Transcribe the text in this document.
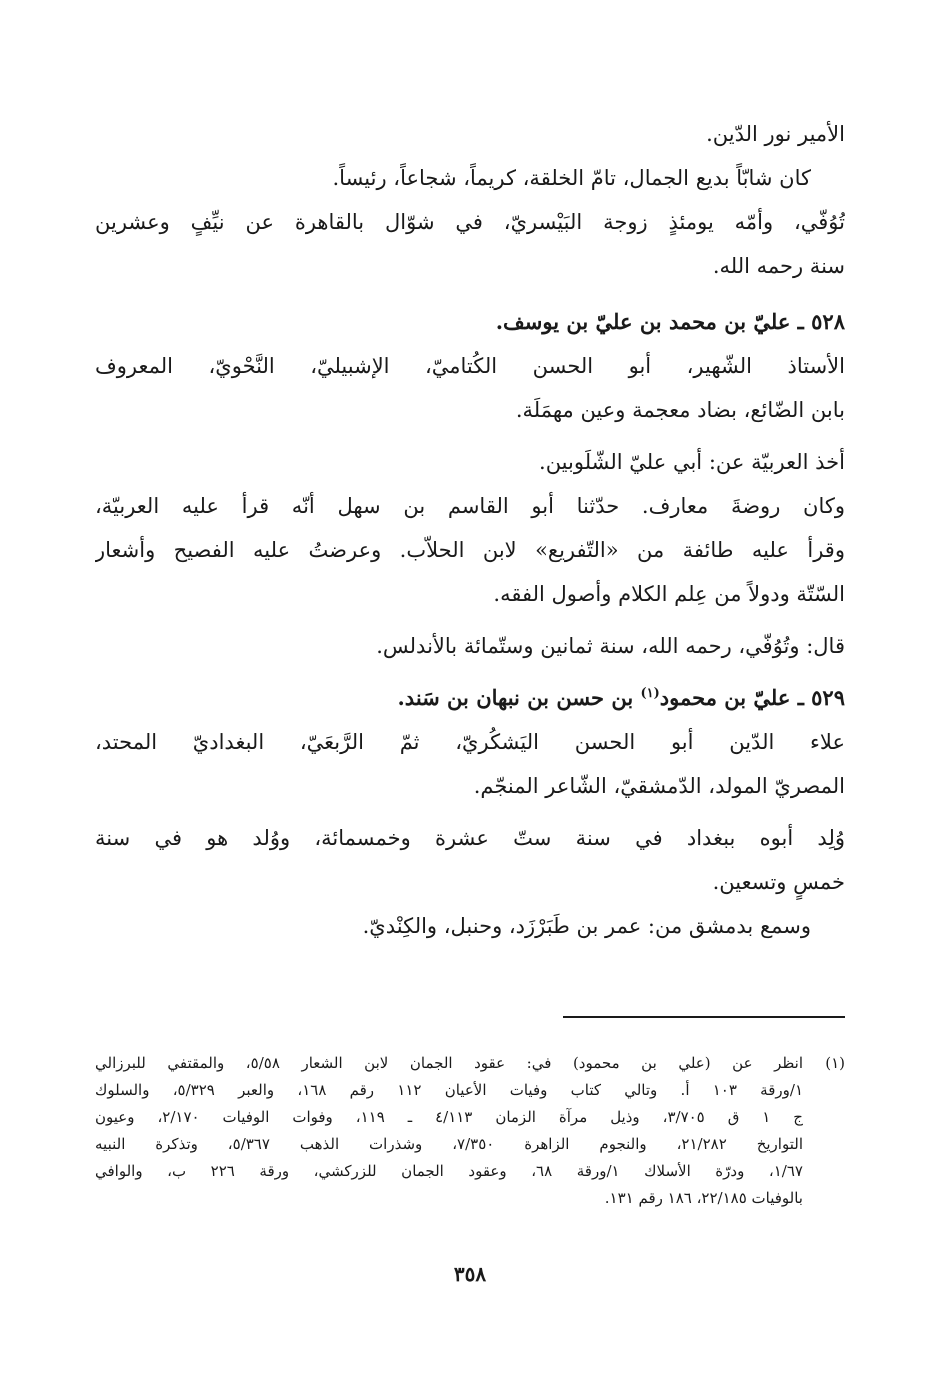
الأمير نور الدّين.
كان شابّاً بديع الجمال، تامّ الخلقة، كريماً، شجاعاً، رئيساً.
تُوُفّي، وأمّه يومئذٍ زوجة البَيْسريّ، في شوّال بالقاهرة عن نيِّفٍ وعشرين
سنة رحمه الله.
٥٢٨ ـ عليّ بن محمد بن عليّ بن يوسف.
الأستاذ الشّهير، أبو الحسن الكُتاميّ، الإشبيليّ، النَّحْويّ، المعروف
بابن الضّائع، بضاد معجمة وعين مهمَلَة.
أخذ العربيّة عن: أبي عليّ الشّلَوبين.
وكان روضةَ معارف. حدّثنا أبو القاسم بن سهل أنّه قرأ عليه العربيّة،
وقرأ عليه طائفة من «التّفريع» لابن الحلاّب. وعرضتُ عليه الفصيح وأشعار
السّتّة ودولاً من عِلم الكلام وأصول الفقه.
قال: وتُوُفّي، رحمه الله، سنة ثمانين وستّمائة بالأندلس.
٥٢٩ ـ عليّ بن محمود$^{(١)}$ بن حسن بن نبهان بن سَند.
علاء الدّين أبو الحسن اليَشكُريّ، ثمّ الرَّبعَيّ، البغداديّ المحتد،
المصريّ المولد، الدّمشقيّ، الشّاعر المنجّم.
وُلِد أبوه ببغداد في سنة ستّ عشرة وخمسمائة، ووُلد هو في سنة
خمسٍ وتسعين.
وسمع بدمشق من: عمر بن طَبَرْزَد، وحنبل، والكِنْديّ.
(١)
انظر عن (علي بن محمود) في: عقود الجمان لابن الشعار ٥/٥٨، والمقتفي للبرزالي
١/ورقة ١٠٣ أ. وتالي كتاب وفيات الأعيان ١١٢ رقم ١٦٨، والعبر ٥/٣٢٩، والسلوك
ج ١ ق ٣/٧٠٥، وذيل مرآة الزمان ٤/١١٣ ـ ١١٩، وفوات الوفيات ٢/١٧٠، وعيون
التواريخ ٢١/٢٨٢، والنجوم الزاهرة ٧/٣٥٠، وشذرات الذهب ٥/٣٦٧، وتذكرة النبيه
١/٦٧، ودرّة الأسلاك ١/ورقة ٦٨، وعقود الجمان للزركشي، ورقة ٢٢٦ ب، والوافي
بالوفيات ٢٢/١٨٥، ١٨٦ رقم ١٣١.
٣٥٨
